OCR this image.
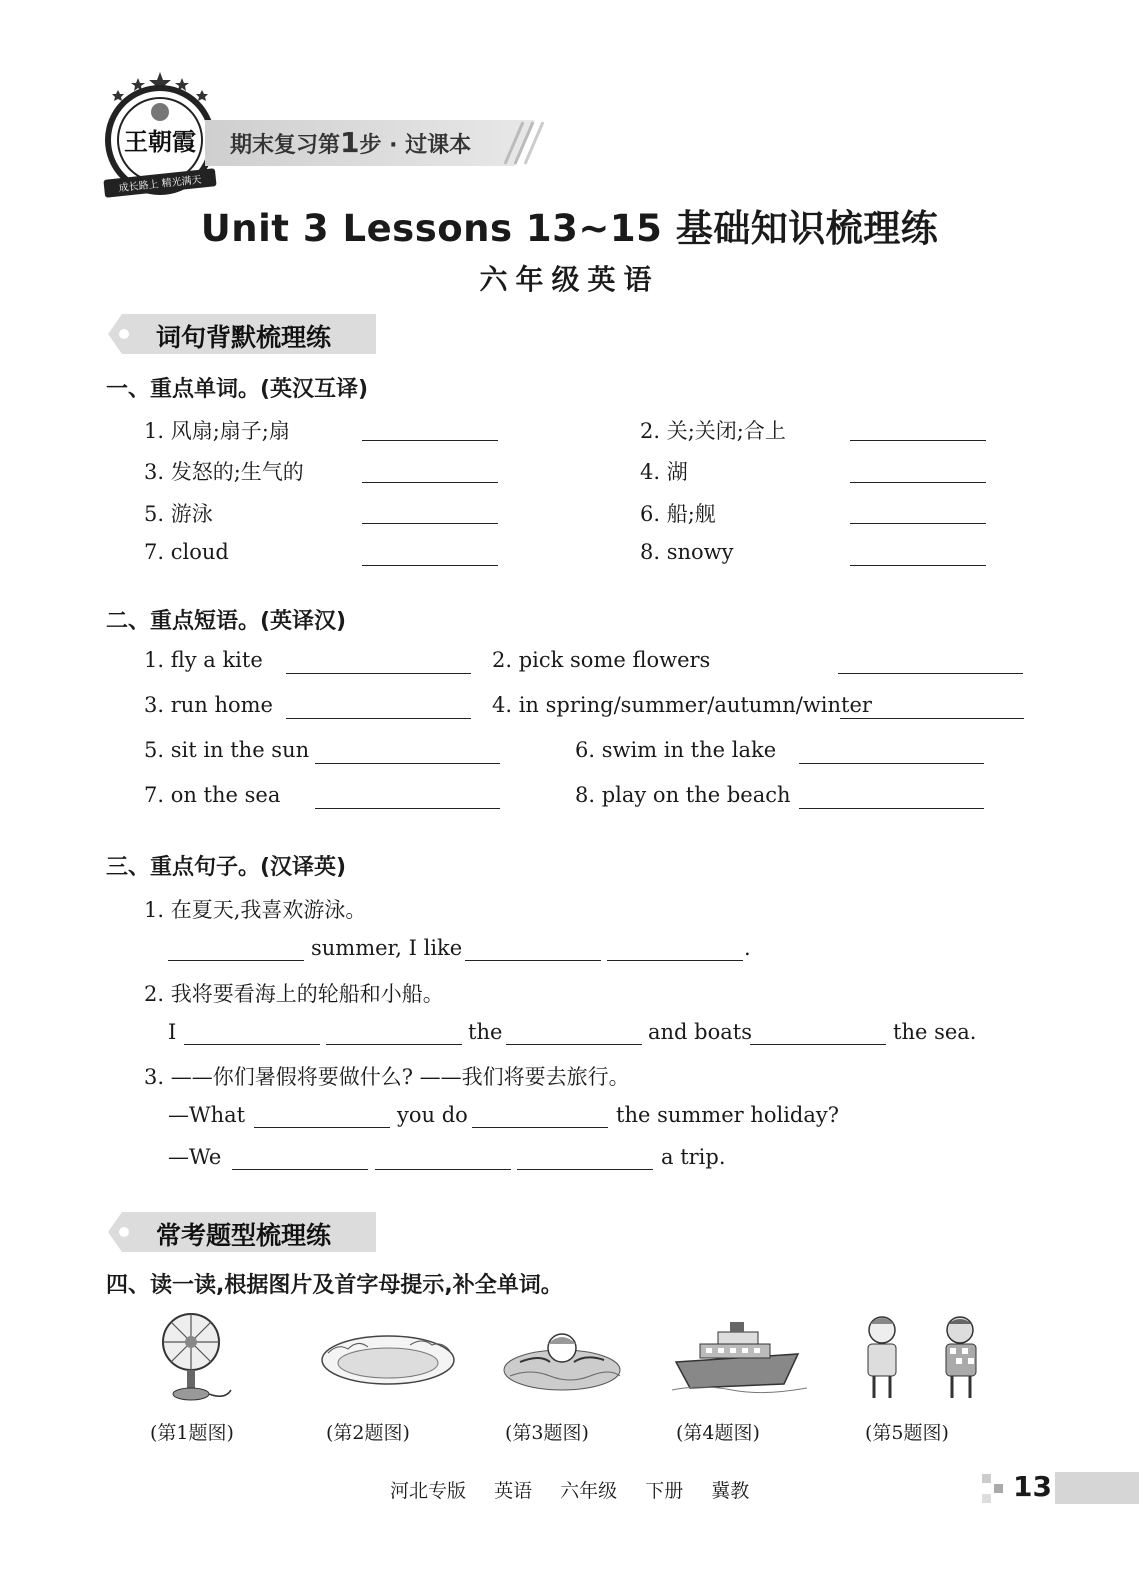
成长路上 精光满天
王朝霞 期末复习第1步 · 过课本
Unit 3 Lessons 13~15 基础知识梳理练
六年级英语
词句背默梳理练
一、重点单词。(英汉互译)
1. 风扇;扇子;扇	2. 关;关闭;合上
3. 发怒的;生气的	4. 湖
5. 游泳	6. 船;舰
7. cloud	8. snowy
二、重点短语。(英译汉)
1. fly a kite	2. pick some flowers
3. run home	4. in spring/summer/autumn/winter
5. sit in the sun	6. swim in the lake
7. on the sea	8. play on the beach
三、重点句子。(汉译英)
1. 在夏天,我喜欢游泳。
summer, I like	.
2. 我将要看海上的轮船和小船。
I	the	and boats	the sea.
3. ——你们暑假将要做什么? ——我们将要去旅行。
—What	you do	the summer holiday?
—We	a trip.
常考题型梳理练
四、读一读,根据图片及首字母提示,补全单词。
(第1题图)	(第2题图)	(第3题图)	(第4题图)	(第5题图)
河北专版 英语 六年级 下册 冀教	13
